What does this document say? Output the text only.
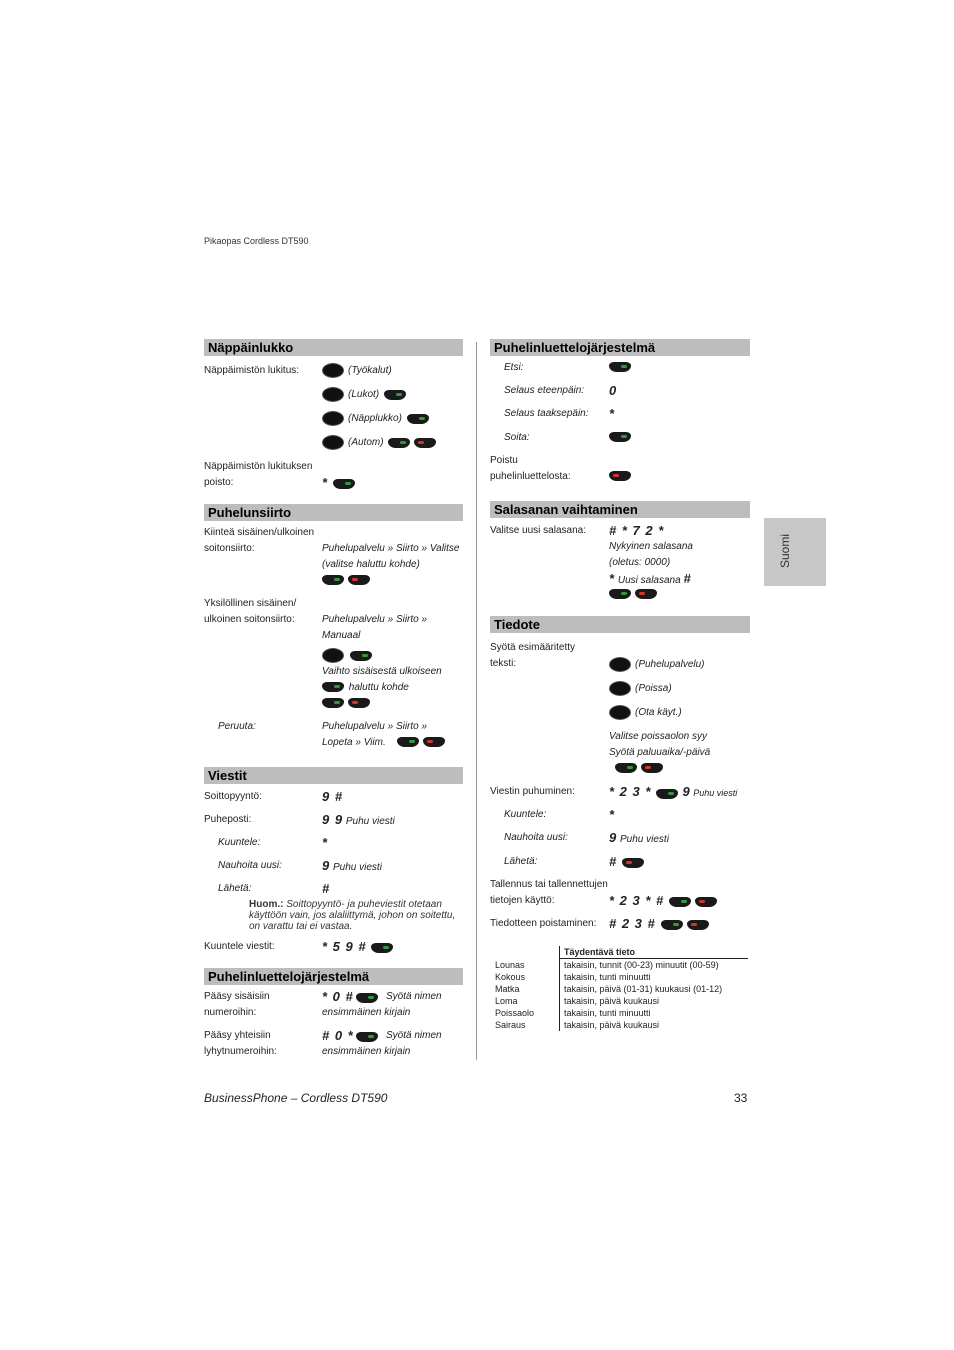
Pikaopas Cordless DT590
Suomi
Näppäinlukko
Näppäimistön lukitus:	(Työkalut)
(Lukot)
(Näpplukko)
(Autom)
Näppäimistön lukituksen poisto:	*
Puhelunsiirto
Kiinteä sisäinen/ulkoinen soitonsiirto:	Puhelupalvelu » Siirto » Valitse (valitse haluttu kohde)
Yksilöllinen sisäinen/ ulkoinen soitonsiirto:	Puhelupalvelu » Siirto » Manuaal
Vaihto sisäisestä ulkoiseen
haluttu kohde
Peruuta:	Puhelupalvelu » Siirto » Lopeta » Viim.
Viestit
Soittopyyntö:	9 #
Puheposti:	9 9 Puhu viesti
Kuuntele:	*
Nauhoita uusi:	9 Puhu viesti
Lähetä:	#
Huom.: Soittopyyntö- ja puheviestit otetaan käyttöön vain, jos alaliittymä, johon on soitettu, on varattu tai ei vastaa.
Kuuntele viestit:	* 5 9 #
Puhelinluettelojärjestelmä
Pääsy sisäisiin numeroihin:
* 0 #	Syötä nimen ensimmäinen kirjain
Pääsy yhteisiin lyhytnumeroihin:
# 0 *	Syötä nimen ensimmäinen kirjain
Puhelinluettelojärjestelmä
Etsi:
Selaus eteenpäin: 0
Selaus taaksepäin: *
Soita:
Poistu puhelinluettelosta:
Salasanan vaihtaminen
Valitse uusi salasana: # * 7 2 *
Nykyinen salasana
(oletus: 0000)
* Uusi salasana #
Tiedote
Syötä esimääritetty teksti:	(Puhelupalvelu)
(Poissa)
(Ota käyt.)
Valitse poissaolon syy
Syötä paluuaika/-päivä
Viestin puhuminen:	* 2 3 * 9 Puhu viesti
Kuuntele:	*
Nauhoita uusi:	9 Puhu viesti
Lähetä:	#
Tallennus tai tallennettujen tietojen käyttö:	* 2 3 * #
Tiedotteen poistaminen: # 2 3 #
	Täydentävä tieto
Lounas	takaisin, tunnit (00-23) minuutit (00-59)
Kokous	takaisin, tunti minuutti
Matka	takaisin, päivä (01-31) kuukausi (01-12)
Loma	takaisin, päivä kuukausi
Poissaolo	takaisin, tunti minuutti
Sairaus	takaisin, päivä kuukausi
BusinessPhone – Cordless DT590	33
